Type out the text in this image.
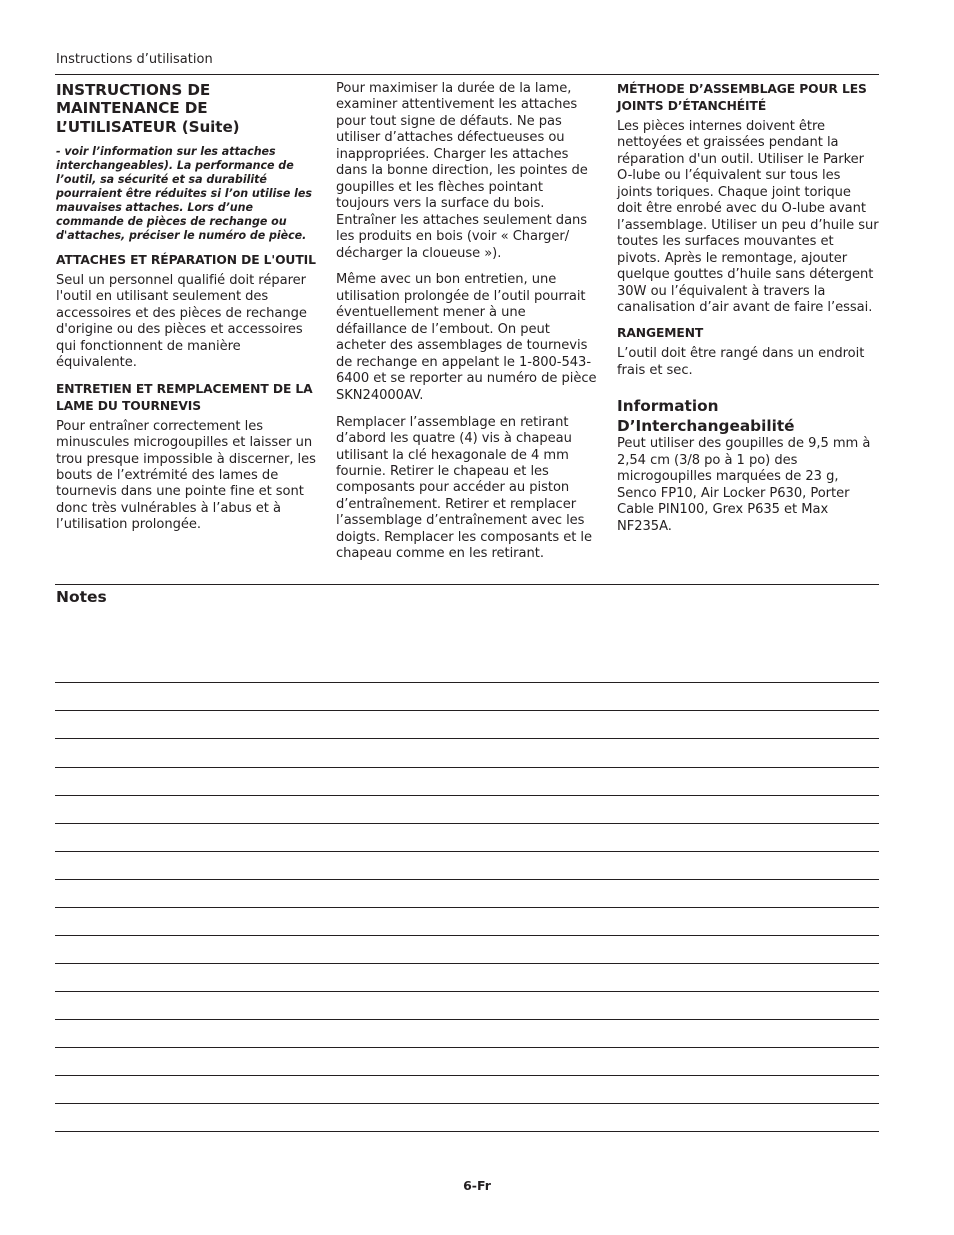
Instructions d’utilisation
INSTRUCTIONS DE MAINTENANCE DE L’UTILISATEUR (Suite)
- voir l’information sur les attaches interchangeables). La performance de l’outil, sa sécurité et sa durabilité pourraient être réduites si l’on utilise les mauvaises attaches. Lors d’une commande de pièces de rechange ou d'attaches, préciser le numéro de pièce.
ATTACHES ET RÉPARATION DE L'OUTIL

Seul un personnel qualifié doit réparer l'outil en utilisant seulement des accessoires et des pièces de rechange d'origine ou des pièces et accessoires qui fonctionnent de manière équivalente.

ENTRETIEN ET REMPLACEMENT DE LA LAME DU TOURNEVIS

Pour entraîner correctement les minuscules microgoupilles et laisser un trou presque impossible à discerner, les bouts de l’extrémité des lames de tournevis dans une pointe fine et sont donc très vulnérables à l’abus et à l’utilisation prolongée.

Pour maximiser la durée de la lame, examiner attentivement les attaches pour tout signe de défauts. Ne pas utiliser d’attaches défectueuses ou inappropriées. Charger les attaches dans la bonne direction, les pointes de goupilles et les flèches pointant toujours vers la surface du bois. Entraîner les attaches seulement dans les produits en bois (voir « Charger/ décharger la cloueuse »).

Même avec un bon entretien, une utilisation prolongée de l’outil pourrait éventuellement mener à une défaillance de l’embout. On peut acheter des assemblages de tournevis de rechange en appelant le 1-800-543-6400 et se reporter au numéro de pièce SKN24000AV.

Remplacer l’assemblage en retirant d’abord les quatre (4) vis à chapeau utilisant la clé hexagonale de 4 mm fournie. Retirer le chapeau et les composants pour accéder au piston d’entraînement. Retirer et remplacer l’assemblage d’entraînement avec les doigts. Remplacer les composants et le chapeau comme en les retirant.

MÉTHODE D’ASSEMBLAGE POUR LES JOINTS D’ÉTANCHÉITÉ

Les pièces internes doivent être nettoyées et graissées pendant la réparation d'un outil. Utiliser le Parker O-lube ou l’équivalent sur tous les joints toriques. Chaque joint torique doit être enrobé avec du O-lube avant l’assemblage. Utiliser un peu d’huile sur toutes les surfaces mouvantes et pivots. Après le remontage, ajouter quelque gouttes d’huile sans détergent 30W ou l’équivalent à travers la canalisation d’air avant de faire l’essai.

RANGEMENT

L’outil doit être rangé dans un endroit frais et sec.

Information D’Interchangeabilité

Peut utiliser des goupilles de 9,5 mm à 2,54 cm (3/8 po à 1 po) des microgoupilles marquées de 23 g, Senco FP10, Air Locker P630, Porter Cable PIN100, Grex P635 et Max NF235A.

Notes
6-Fr
